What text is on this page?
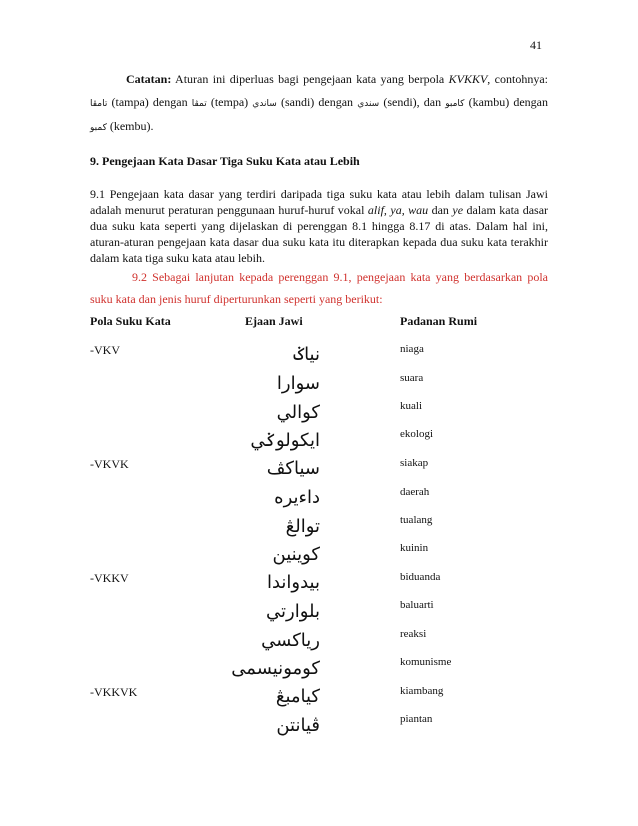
41
Catatan: Aturan ini diperluas bagi pengejaan kata yang berpola KVKKV, contohnya: تامڤا (tampa) dengan تمڤا (tempa) ساندي (sandi) dengan سندي (sendi), dan کامبو (kambu) dengan کمبو (kembu).
9. Pengejaan Kata Dasar Tiga Suku Kata atau Lebih
9.1 Pengejaan kata dasar yang terdiri daripada tiga suku kata atau lebih dalam tulisan Jawi adalah menurut peraturan penggunaan huruf-huruf vokal alif, ya, wau dan ye dalam kata dasar dua suku kata seperti yang dijelaskan di perenggan 8.1 hingga 8.17 di atas. Dalam hal ini, aturan-aturan pengejaan kata dasar dua suku kata itu diterapkan kepada dua suku kata terakhir dalam kata tiga suku kata atau lebih.
9.2 Sebagai lanjutan kepada perenggan 9.1, pengejaan kata yang berdasarkan pola suku kata dan jenis huruf diperturunkan seperti yang berikut:
Pola Suku Kata	Ejaan Jawi	Padanan Rumi
-VKV
-VKVK
-VKKV
-VKKVK
نياݢ
سوارا
کوالي
ايکولوݢي
سياکڤ
داءيره
توالڠ
کوينين
بيدواندا
بلوارتي
رياکسي
کومونيسمى
کيامبڠ
ڤيانتن
niaga
suara
kuali
ekologi
siakap
daerah
tualang
kuinin
biduanda
baluarti
reaksi
komunisme
kiambang
piantan
